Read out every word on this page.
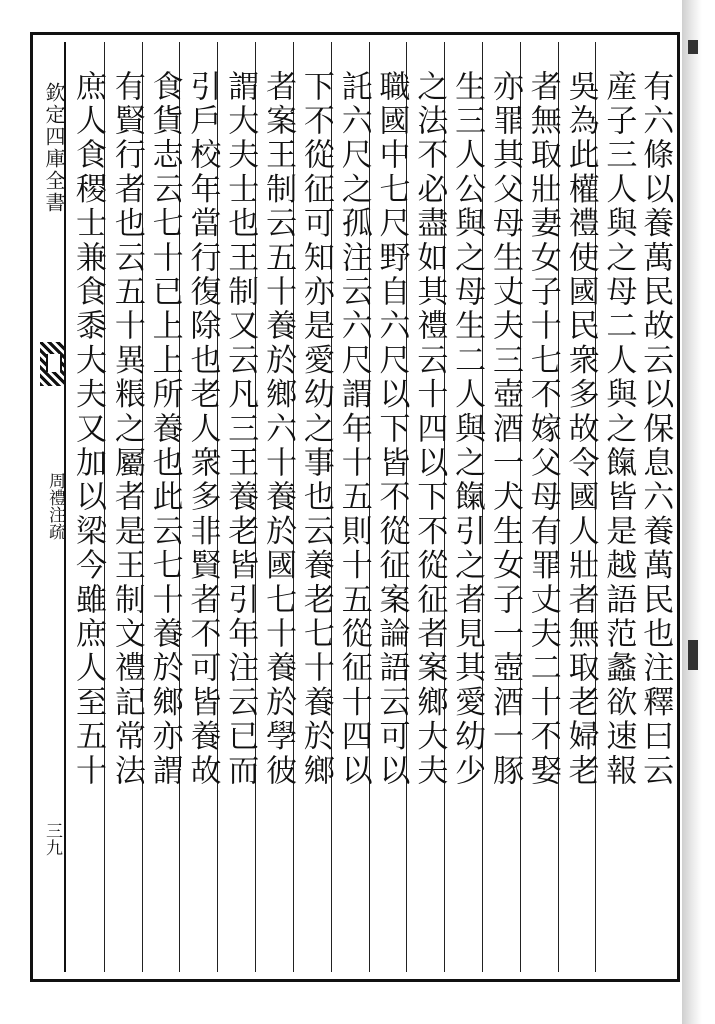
欽定四庫全書
周禮注疏
三九
有六條以養萬民故云以保息六養萬民也注釋曰云
産子三人與之母二人與之餼皆是越語范蠡欲速報
吳為此權禮使國民衆多故令國人壯者無取老婦老
者無取壯妻女子十七不嫁父母有罪丈夫二十不娶
亦罪其父母生丈夫三壺酒一犬生女子一壺酒一豚
生三人公與之母生二人與之餼引之者見其愛幼少
之法不必盡如其禮云十四以下不從征者案鄉大夫
職國中七尺野自六尺以下皆不從征案論語云可以
託六尺之孤注云六尺謂年十五則十五從征十四以
下不從征可知亦是愛幼之事也云養老七十養於鄉
者案王制云五十養於鄉六十養於國七十養於學彼
謂大夫士也王制又云凡三王養老皆引年注云已而
引戶校年當行復除也老人衆多非賢者不可皆養故
食貨志云七十已上上所養也此云七十養於鄉亦謂
有賢行者也云五十異粻之屬者是王制文禮記常法
庶人食稷士兼食黍大夫又加以梁今雖庶人至五十
